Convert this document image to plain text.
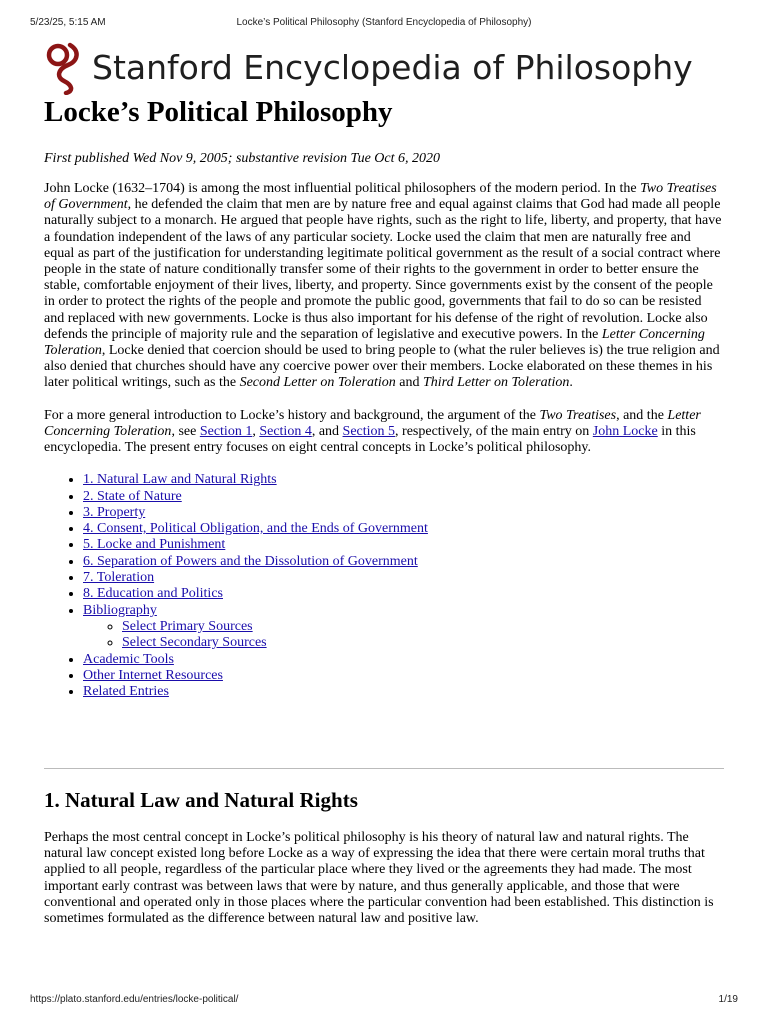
5/23/25, 5:15 AM	Locke’s Political Philosophy (Stanford Encyclopedia of Philosophy)
Stanford Encyclopedia of Philosophy
Locke’s Political Philosophy
First published Wed Nov 9, 2005; substantive revision Tue Oct 6, 2020

John Locke (1632–1704) is among the most influential political philosophers of the modern period. In the Two Treatises of Government, he defended the claim that men are by nature free and equal against claims that God had made all people naturally subject to a monarch. He argued that people have rights, such as the right to life, liberty, and property, that have a foundation independent of the laws of any particular society. Locke used the claim that men are naturally free and equal as part of the justification for understanding legitimate political government as the result of a social contract where people in the state of nature conditionally transfer some of their rights to the government in order to better ensure the stable, comfortable enjoyment of their lives, liberty, and property. Since governments exist by the consent of the people in order to protect the rights of the people and promote the public good, governments that fail to do so can be resisted and replaced with new governments. Locke is thus also important for his defense of the right of revolution. Locke also defends the principle of majority rule and the separation of legislative and executive powers. In the Letter Concerning Toleration, Locke denied that coercion should be used to bring people to (what the ruler believes is) the true religion and also denied that churches should have any coercive power over their members. Locke elaborated on these themes in his later political writings, such as the Second Letter on Toleration and Third Letter on Toleration.

For a more general introduction to Locke’s history and background, the argument of the Two Treatises, and the Letter Concerning Toleration, see Section 1, Section 4, and Section 5, respectively, of the main entry on John Locke in this encyclopedia. The present entry focuses on eight central concepts in Locke’s political philosophy.

• 1. Natural Law and Natural Rights
• 2. State of Nature
• 3. Property
• 4. Consent, Political Obligation, and the Ends of Government
• 5. Locke and Punishment
• 6. Separation of Powers and the Dissolution of Government
• 7. Toleration
• 8. Education and Politics
• Bibliography
◦ Select Primary Sources
◦ Select Secondary Sources
• Academic Tools
• Other Internet Resources
• Related Entries
1. Natural Law and Natural Rights

Perhaps the most central concept in Locke’s political philosophy is his theory of natural law and natural rights. The natural law concept existed long before Locke as a way of expressing the idea that there were certain moral truths that applied to all people, regardless of the particular place where they lived or the agreements they had made. The most important early contrast was between laws that were by nature, and thus generally applicable, and those that were conventional and operated only in those places where the particular convention had been established. This distinction is sometimes formulated as the difference between natural law and positive law.

https://plato.stanford.edu/entries/locke-political/	1/19
